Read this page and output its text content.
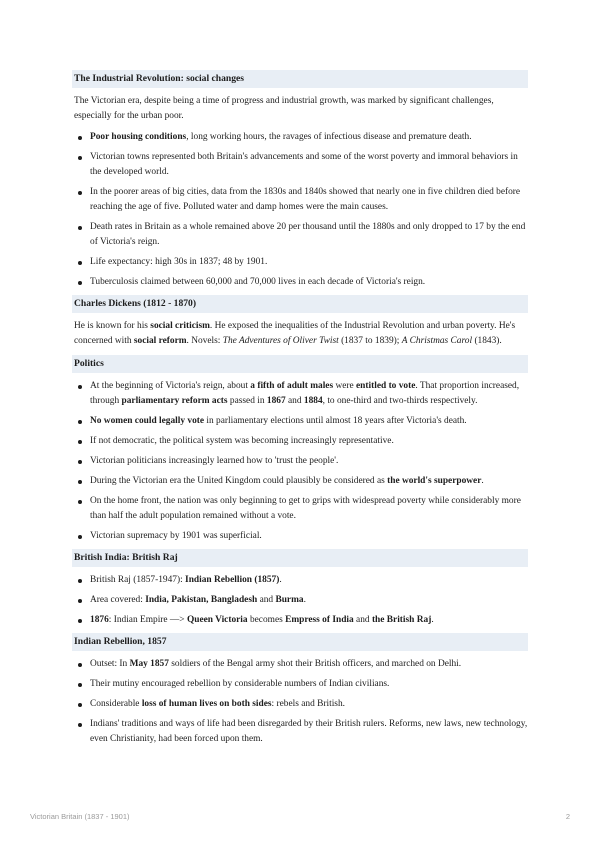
The Industrial Revolution: social changes

The Victorian era, despite being a time of progress and industrial growth, was marked by significant challenges, especially for the urban poor.

Poor housing conditions, long working hours, the ravages of infectious disease and premature death.
Victorian towns represented both Britain's advancements and some of the worst poverty and immoral behaviors in the developed world.
In the poorer areas of big cities, data from the 1830s and 1840s showed that nearly one in five children died before reaching the age of five. Polluted water and damp homes were the main causes.
Death rates in Britain as a whole remained above 20 per thousand until the 1880s and only dropped to 17 by the end of Victoria's reign.
Life expectancy: high 30s in 1837; 48 by 1901.
Tuberculosis claimed between 60,000 and 70,000 lives in each decade of Victoria's reign.
Charles Dickens (1812 - 1870)

He is known for his social criticism. He exposed the inequalities of the Industrial Revolution and urban poverty. He's concerned with social reform. Novels: The Adventures of Oliver Twist (1837 to 1839); A Christmas Carol (1843).

Politics
At the beginning of Victoria's reign, about a fifth of adult males were entitled to vote. That proportion increased, through parliamentary reform acts passed in 1867 and 1884, to one-third and two-thirds respectively.
No women could legally vote in parliamentary elections until almost 18 years after Victoria's death.
If not democratic, the political system was becoming increasingly representative.
Victorian politicians increasingly learned how to 'trust the people'.
During the Victorian era the United Kingdom could plausibly be considered as the world's superpower.
On the home front, the nation was only beginning to get to grips with widespread poverty while considerably more than half the adult population remained without a vote.
Victorian supremacy by 1901 was superficial.
British India: British Raj
British Raj (1857-1947): Indian Rebellion (1857).
Area covered: India, Pakistan, Bangladesh and Burma.
1876: Indian Empire —> Queen Victoria becomes Empress of India and the British Raj.
Indian Rebellion, 1857
Outset: In May 1857 soldiers of the Bengal army shot their British officers, and marched on Delhi.
Their mutiny encouraged rebellion by considerable numbers of Indian civilians.
Considerable loss of human lives on both sides: rebels and British.
Indians' traditions and ways of life had been disregarded by their British rulers. Reforms, new laws, new technology, even Christianity, had been forced upon them.
Victorian Britain (1837 - 1901)	2
